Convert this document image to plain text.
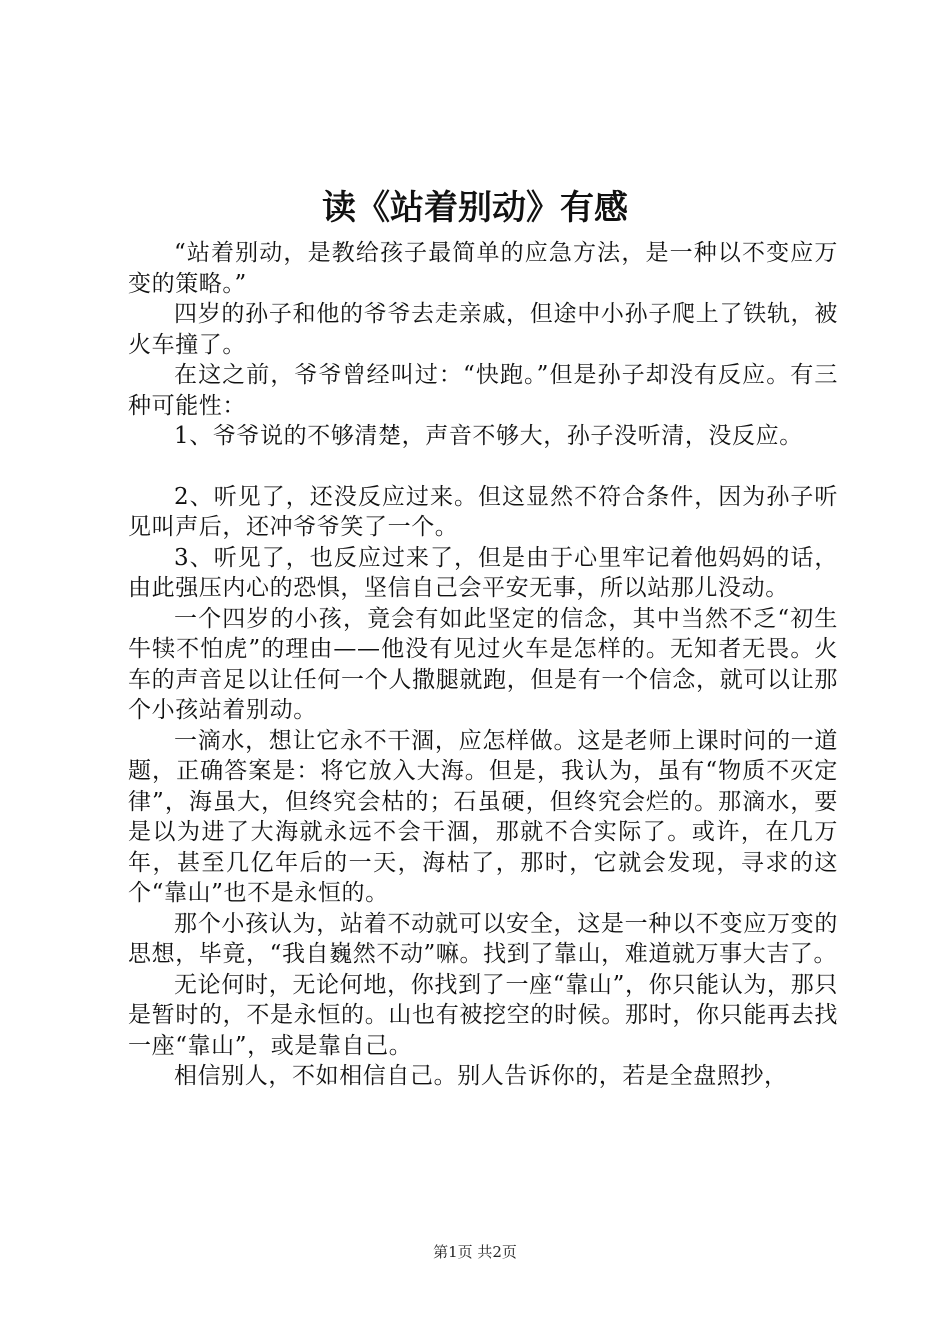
读《站着别动》有感

“站着别动，是教给孩子最简单的应急方法，是一种以不变应万变的策略。”

四岁的孙子和他的爷爷去走亲戚，但途中小孙子爬上了铁轨，被火车撞了。

在这之前，爷爷曾经叫过：“快跑。”但是孙子却没有反应。有三种可能性：

1、爷爷说的不够清楚，声音不够大，孙子没听清，没反应。

2、听见了，还没反应过来。但这显然不符合条件，因为孙子听见叫声后，还冲爷爷笑了一个。

3、听见了，也反应过来了，但是由于心里牢记着他妈妈的话，由此强压内心的恐惧，坚信自己会平安无事，所以站那儿没动。

一个四岁的小孩，竟会有如此坚定的信念，其中当然不乏“初生牛犊不怕虎”的理由——他没有见过火车是怎样的。无知者无畏。火车的声音足以让任何一个人撒腿就跑，但是有一个信念，就可以让那个小孩站着别动。

一滴水，想让它永不干涸，应怎样做。这是老师上课时问的一道题，正确答案是：将它放入大海。但是，我认为，虽有“物质不灭定律”，海虽大，但终究会枯的；石虽硬，但终究会烂的。那滴水，要是以为进了大海就永远不会干涸，那就不合实际了。或许，在几万年，甚至几亿年后的一天，海枯了，那时，它就会发现，寻求的这个“靠山”也不是永恒的。

那个小孩认为，站着不动就可以安全，这是一种以不变应万变的思想，毕竟，“我自巍然不动”嘛。找到了靠山，难道就万事大吉了。

无论何时，无论何地，你找到了一座“靠山”，你只能认为，那只是暂时的，不是永恒的。山也有被挖空的时候。那时，你只能再去找一座“靠山”，或是靠自己。

相信别人，不如相信自己。别人告诉你的，若是全盘照抄，

第1页 共2页
